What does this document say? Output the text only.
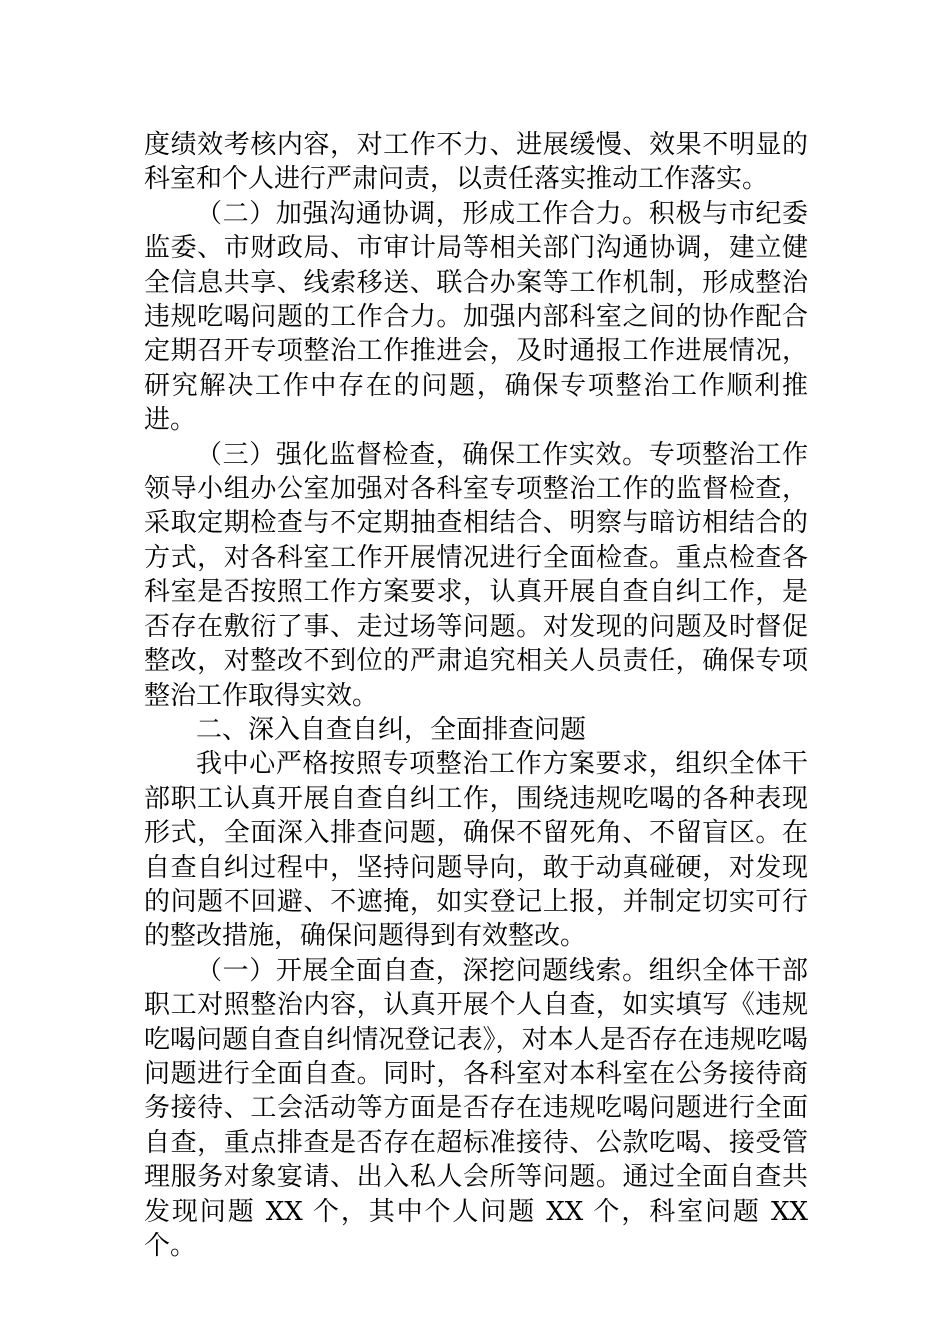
度绩效考核内容，对工作不力、进展缓慢、效果不明显的科室和个人进行严肃问责，以责任落实推动工作落实。

（二）加强沟通协调，形成工作合力。积极与市纪委监委、市财政局、市审计局等相关部门沟通协调，建立健全信息共享、线索移送、联合办案等工作机制，形成整治违规吃喝问题的工作合力。加强内部科室之间的协作配合定期召开专项整治工作推进会，及时通报工作进展情况，研究解决工作中存在的问题，确保专项整治工作顺利推进。

（三）强化监督检查，确保工作实效。专项整治工作领导小组办公室加强对各科室专项整治工作的监督检查，采取定期检查与不定期抽查相结合、明察与暗访相结合的方式，对各科室工作开展情况进行全面检查。重点检查各科室是否按照工作方案要求，认真开展自查自纠工作，是否存在敷衍了事、走过场等问题。对发现的问题及时督促整改，对整改不到位的严肃追究相关人员责任，确保专项整治工作取得实效。

二、深入自查自纠，全面排查问题

我中心严格按照专项整治工作方案要求，组织全体干部职工认真开展自查自纠工作，围绕违规吃喝的各种表现形式，全面深入排查问题，确保不留死角、不留盲区。在自查自纠过程中，坚持问题导向，敢于动真碰硬，对发现的问题不回避、不遮掩，如实登记上报，并制定切实可行的整改措施，确保问题得到有效整改。

（一）开展全面自查，深挖问题线索。组织全体干部职工对照整治内容，认真开展个人自查，如实填写《违规吃喝问题自查自纠情况登记表》，对本人是否存在违规吃喝问题进行全面自查。同时，各科室对本科室在公务接待商务接待、工会活动等方面是否存在违规吃喝问题进行全面自查，重点排查是否存在超标准接待、公款吃喝、接受管理服务对象宴请、出入私人会所等问题。通过全面自查共发现问题 XX 个，其中个人问题 XX 个，科室问题 XX 个。
